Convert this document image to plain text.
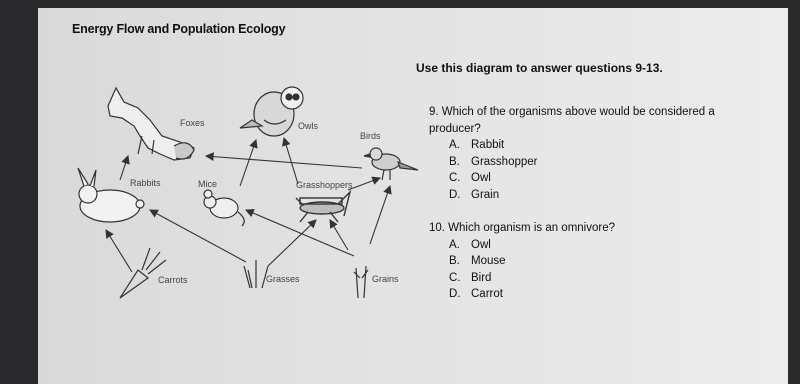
Energy Flow and Population Ecology
Foxes	Owls
Birds
Rabbits	Mice	Grasshoppers
Carrots	Grasses	Grains
Use this diagram to answer questions 9-13.
9. Which of the organisms above would be considered a producer?
A. Rabbit
B. Grasshopper
C. Owl
D. Grain
10. Which organism is an omnivore?
A. Owl
B. Mouse
C. Bird
D. Carrot
